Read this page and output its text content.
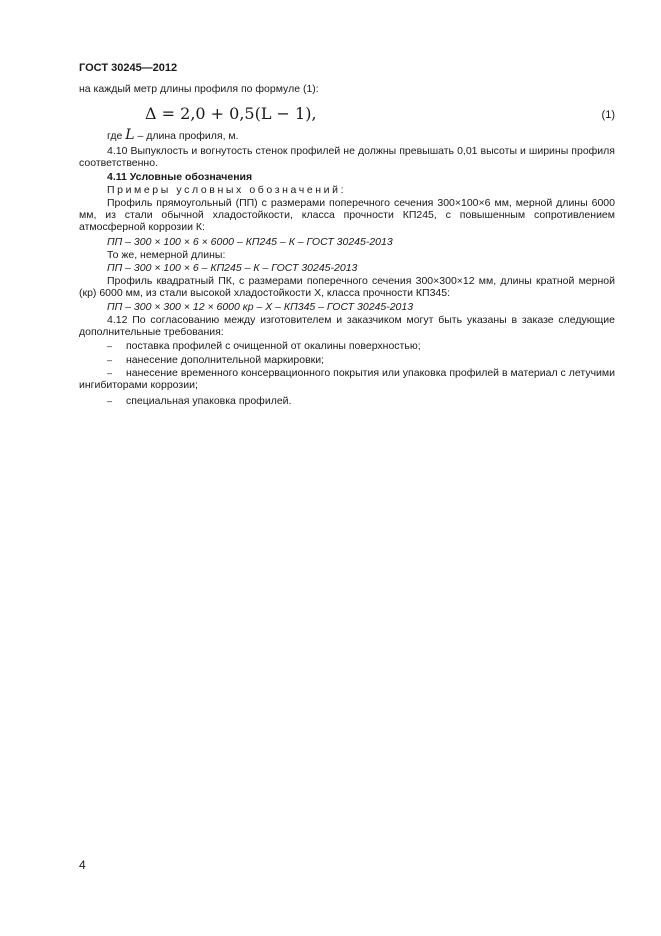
ГОСТ 30245—2012
на каждый метр длины профиля по формуле (1):
Δ = 2,0 + 0,5(L − 1),	(1)
где L – длина профиля, м.
4.10 Выпуклость и вогнутость стенок профилей не должны превышать 0,01 высоты и ширины профиля соответственно.
4.11 Условные обозначения
Примеры условных обозначений:
Профиль прямоугольный (ПП) с размерами поперечного сечения 300×100×6 мм, мерной длины 6000 мм, из стали обычной хладостойкости, класса прочности КП245, с повышенным сопротивлением атмосферной коррозии К:
ПП – 300 × 100 × 6 × 6000 – КП245 – К – ГОСТ 30245-2013
То же, немерной длины:
ПП – 300 × 100 × 6 – КП245 – К – ГОСТ 30245-2013
Профиль квадратный ПК, с размерами поперечного сечения 300×300×12 мм, длины кратной мерной (кр) 6000 мм, из стали высокой хладостойкости Х, класса прочности КП345:
ПП – 300 × 300 × 12 × 6000 кр – Х – КП345 – ГОСТ 30245-2013
4.12 По согласованию между изготовителем и заказчиком могут быть указаны в заказе следующие дополнительные требования:
– поставка профилей с очищенной от окалины поверхностью;
– нанесение дополнительной маркировки;
–	нанесение временного консервационного покрытия или упаковка профилей в материал с летучими ингибиторами коррозии;
– специальная упаковка профилей.
4
